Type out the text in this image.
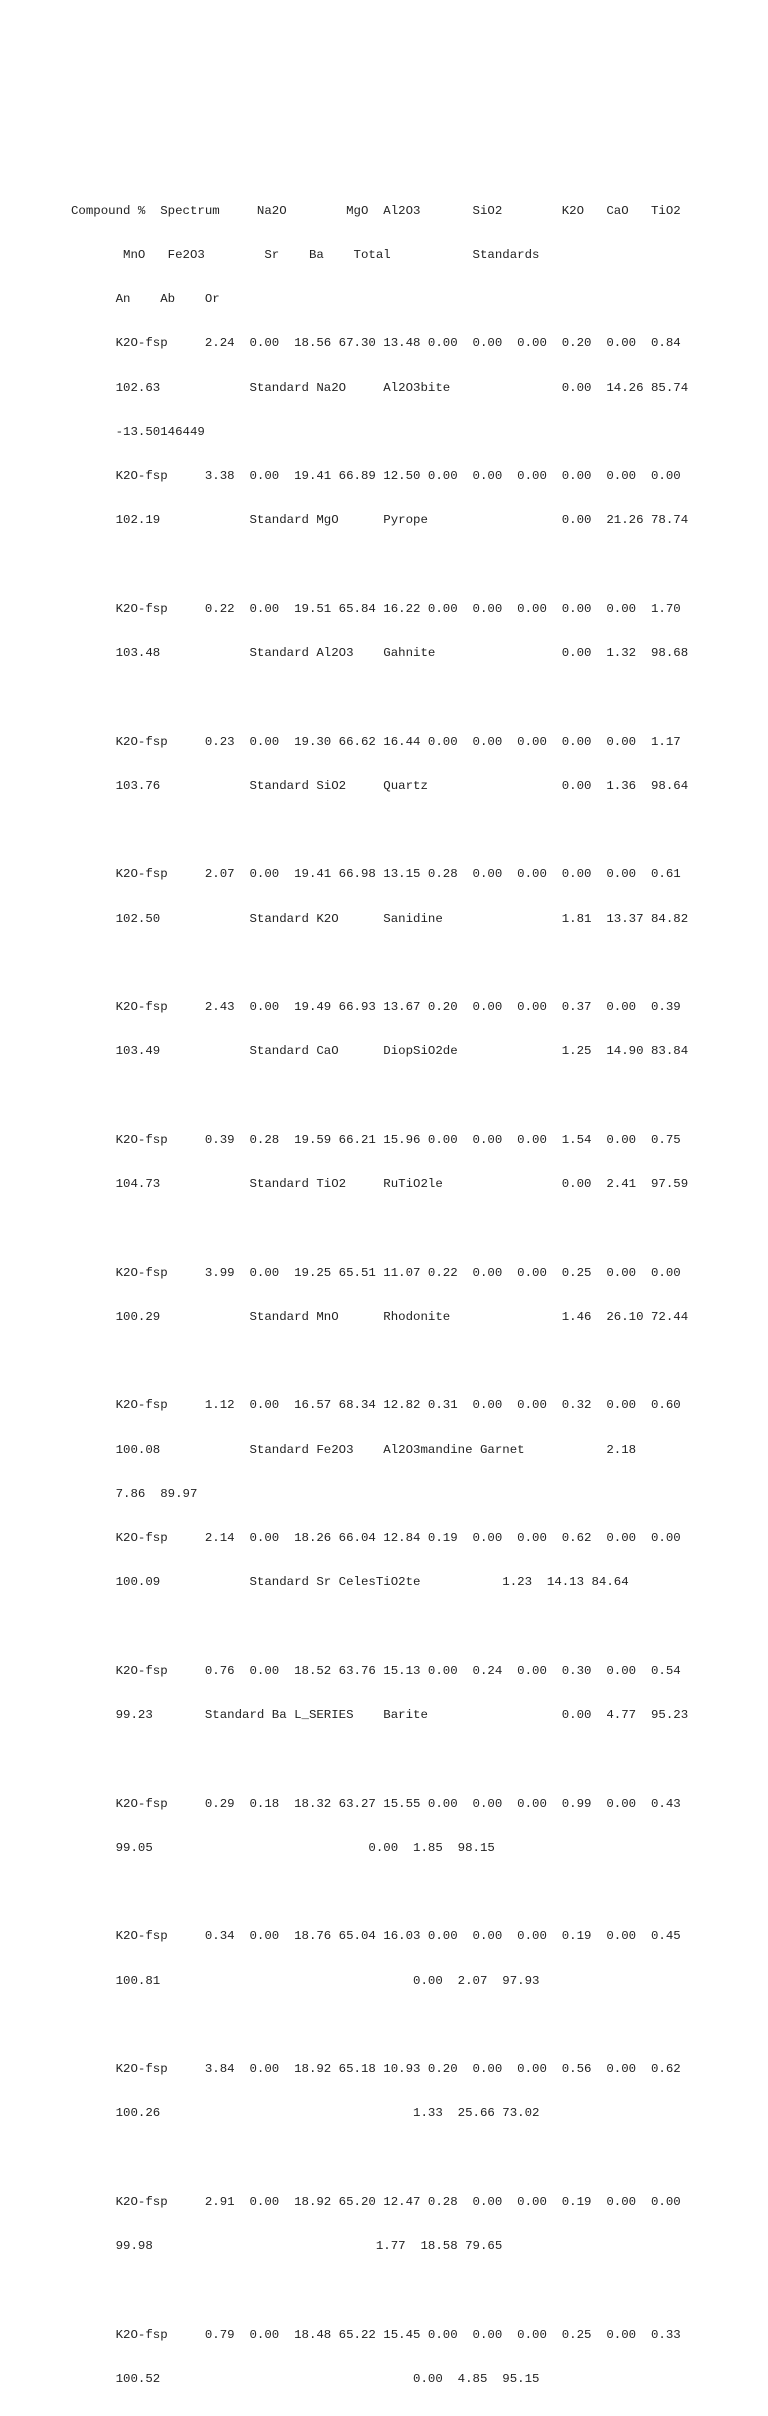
Compound %  Spectrum     Na2O        MgO  Al2O3       SiO2        K2O   CaO   TiO2

MnO   Fe2O3        Sr    Ba    Total           Standards

An    Ab    Or

K2O-fsp     2.24  0.00  18.56 67.30 13.48 0.00  0.00  0.00  0.20  0.00  0.84

102.63            Standard Na2O     Al2O3bite               0.00  14.26 85.74

-13.50146449

K2O-fsp     3.38  0.00  19.41 66.89 12.50 0.00  0.00  0.00  0.00  0.00  0.00

102.19            Standard MgO      Pyrope                  0.00  21.26 78.74

K2O-fsp     0.22  0.00  19.51 65.84 16.22 0.00  0.00  0.00  0.00  0.00  1.70

103.48            Standard Al2O3    Gahnite                 0.00  1.32  98.68

K2O-fsp     0.23  0.00  19.30 66.62 16.44 0.00  0.00  0.00  0.00  0.00  1.17

103.76            Standard SiO2     Quartz                  0.00  1.36  98.64

K2O-fsp     2.07  0.00  19.41 66.98 13.15 0.28  0.00  0.00  0.00  0.00  0.61

102.50            Standard K2O      Sanidine                1.81  13.37 84.82

K2O-fsp     2.43  0.00  19.49 66.93 13.67 0.20  0.00  0.00  0.37  0.00  0.39

103.49            Standard CaO      DiopSiO2de              1.25  14.90 83.84

K2O-fsp     0.39  0.28  19.59 66.21 15.96 0.00  0.00  0.00  1.54  0.00  0.75

104.73            Standard TiO2     RuTiO2le                0.00  2.41  97.59

K2O-fsp     3.99  0.00  19.25 65.51 11.07 0.22  0.00  0.00  0.25  0.00  0.00

100.29            Standard MnO      Rhodonite               1.46  26.10 72.44

K2O-fsp     1.12  0.00  16.57 68.34 12.82 0.31  0.00  0.00  0.32  0.00  0.60

100.08            Standard Fe2O3    Al2O3mandine Garnet           2.18

7.86  89.97

K2O-fsp     2.14  0.00  18.26 66.04 12.84 0.19  0.00  0.00  0.62  0.00  0.00

100.09            Standard Sr CelesTiO2te           1.23  14.13 84.64

K2O-fsp     0.76  0.00  18.52 63.76 15.13 0.00  0.24  0.00  0.30  0.00  0.54

99.23       Standard Ba L_SERIES    Barite                  0.00  4.77  95.23

K2O-fsp     0.29  0.18  18.32 63.27 15.55 0.00  0.00  0.00  0.99  0.00  0.43

99.05                             0.00  1.85  98.15

K2O-fsp     0.34  0.00  18.76 65.04 16.03 0.00  0.00  0.00  0.19  0.00  0.45

100.81                                  0.00  2.07  97.93

K2O-fsp     3.84  0.00  18.92 65.18 10.93 0.20  0.00  0.00  0.56  0.00  0.62

100.26                                  1.33  25.66 73.02

K2O-fsp     2.91  0.00  18.92 65.20 12.47 0.28  0.00  0.00  0.19  0.00  0.00

99.98                              1.77  18.58 79.65

K2O-fsp     0.79  0.00  18.48 65.22 15.45 0.00  0.00  0.00  0.25  0.00  0.33

100.52                                  0.00  4.85  95.15
